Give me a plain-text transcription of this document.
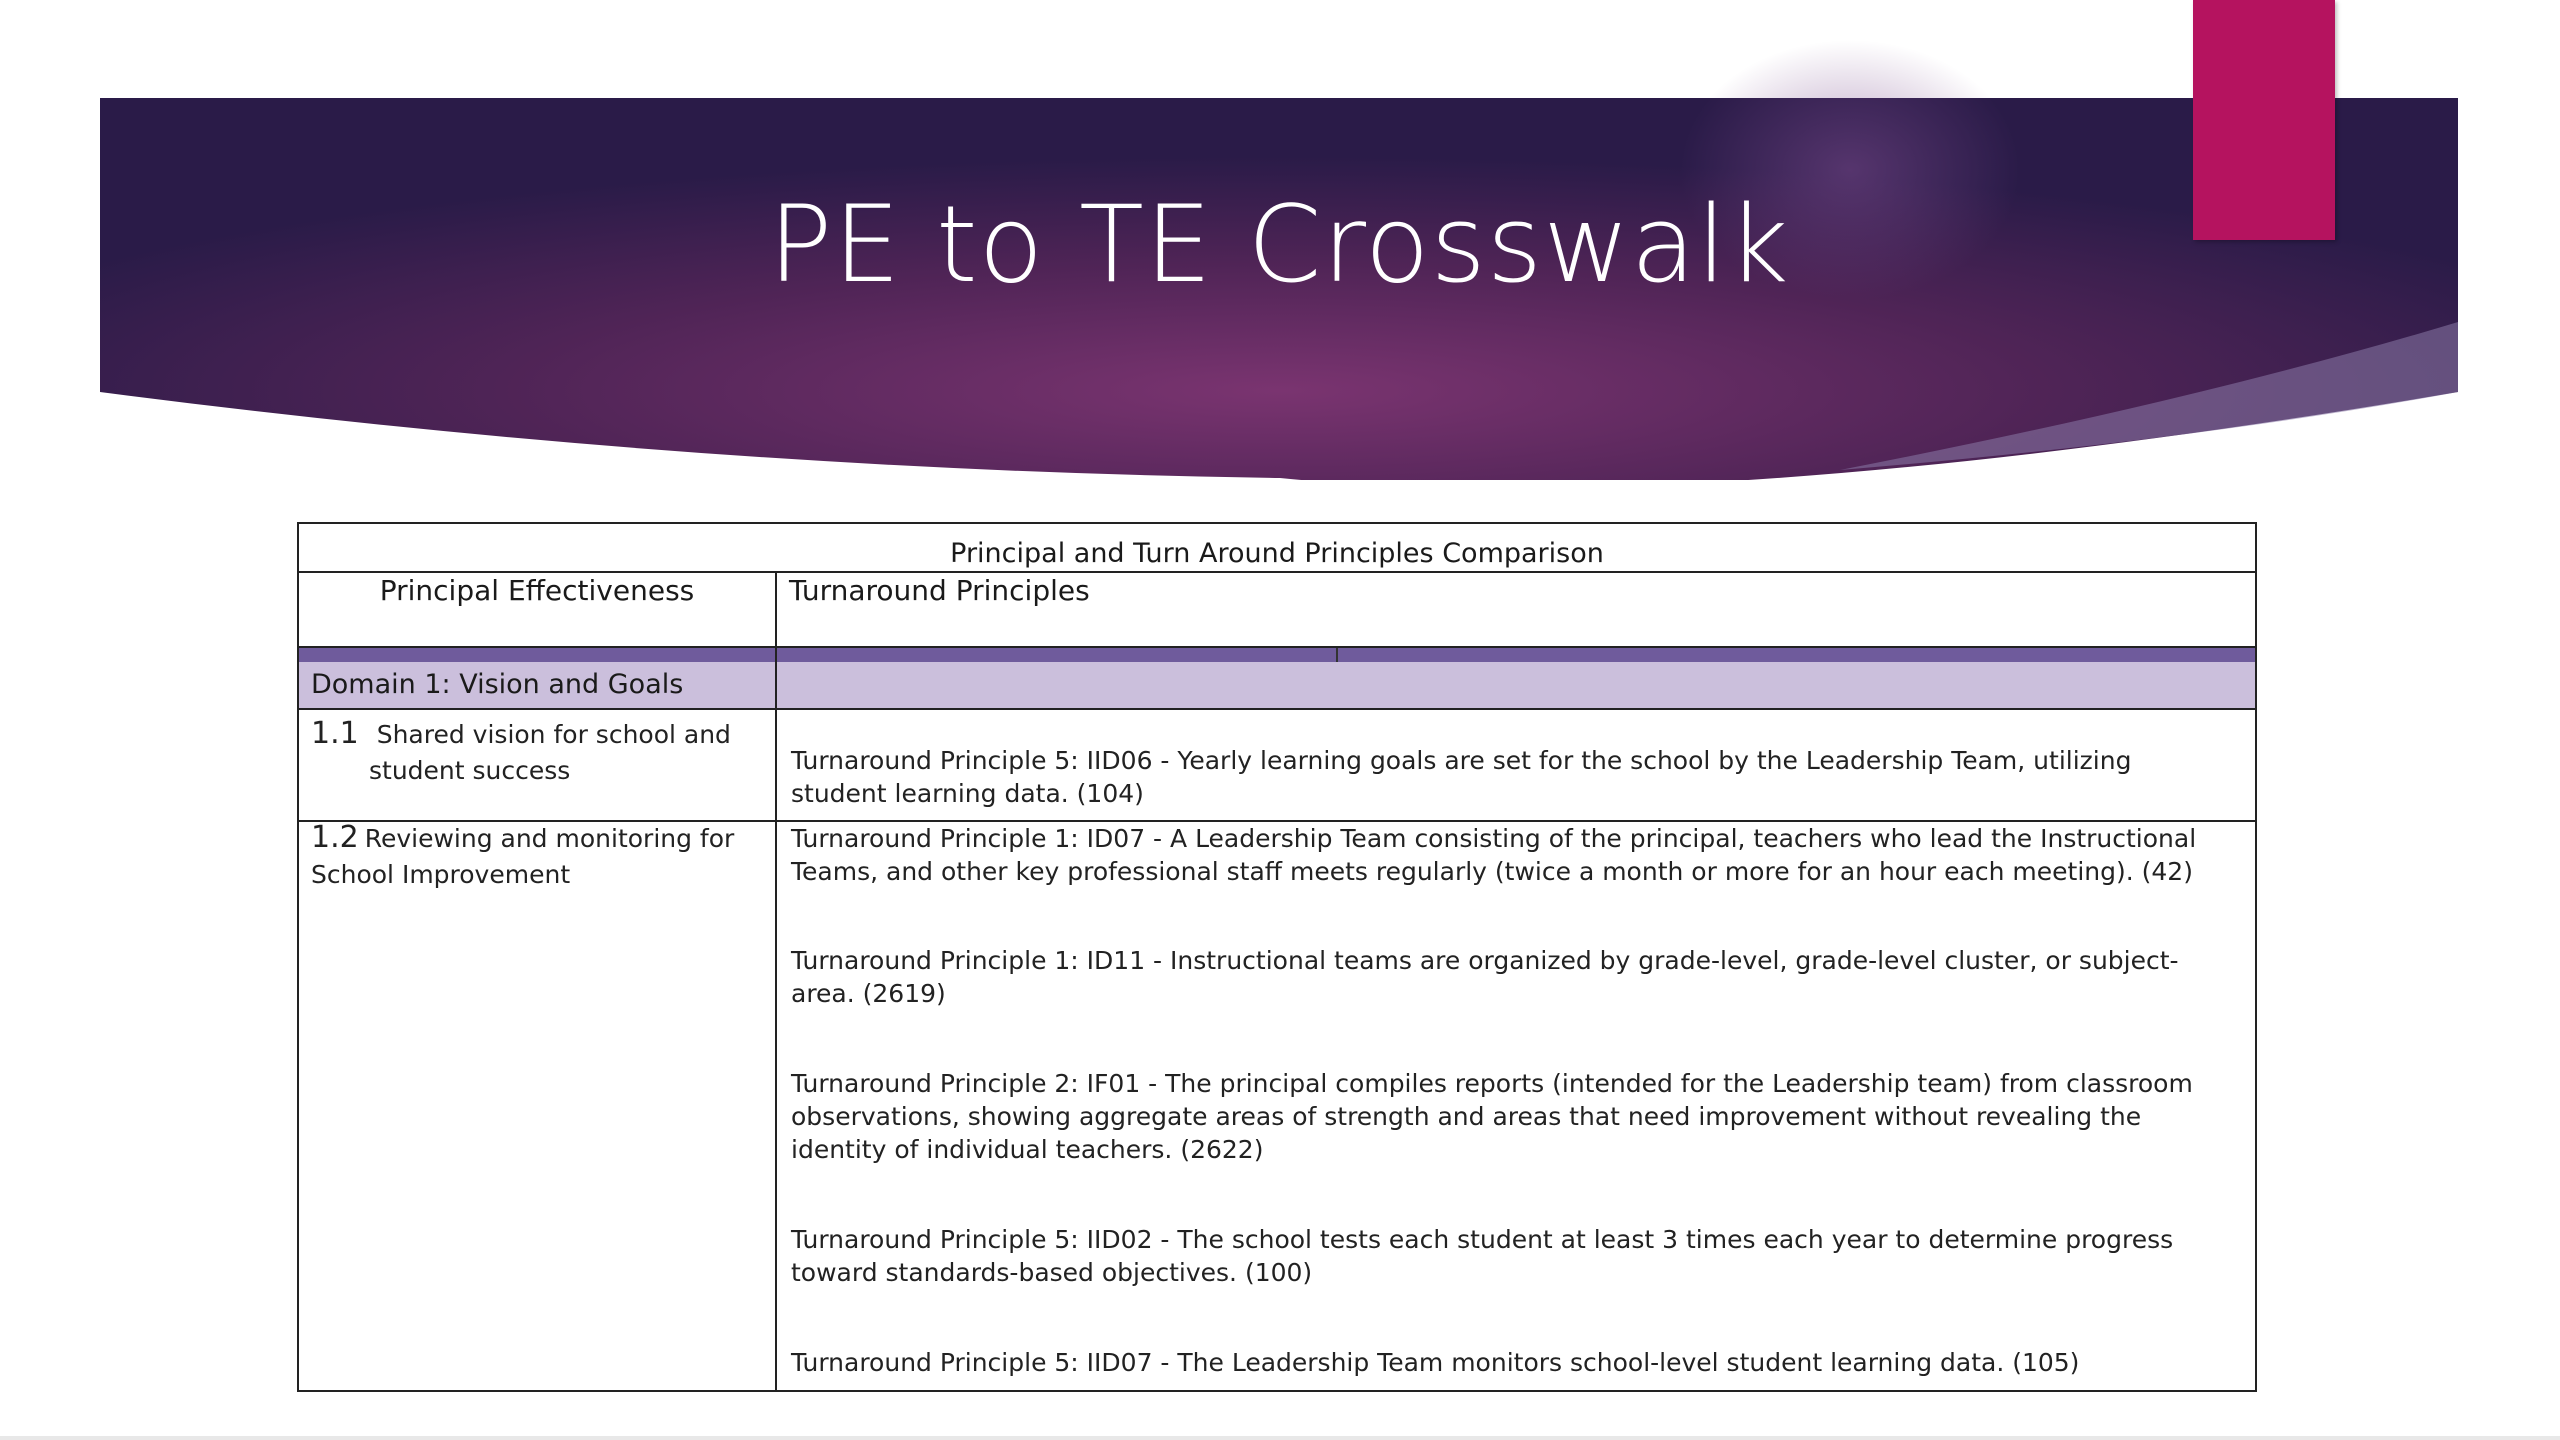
PE to TE Crosswalk
Principal and Turn Around Principles Comparison
Principal Effectiveness	Turnaround Principles
Domain 1: Vision and Goals
1.1 Shared vision for school and
student success	Turnaround Principle 5: IID06 - Yearly learning goals are set for the school by the Leadership Team, utilizing student learning data. (104)
1.2 Reviewing and monitoring for
School Improvement
Turnaround Principle 1: ID07 - A Leadership Team consisting of the principal, teachers who lead the Instructional Teams, and other key professional staff meets regularly (twice a month or more for an hour each meeting). (42)
Turnaround Principle 1: ID11 - Instructional teams are organized by grade-level, grade-level cluster, or subject-area. (2619)
Turnaround Principle 2: IF01 - The principal compiles reports (intended for the Leadership team) from classroom observations, showing aggregate areas of strength and areas that need improvement without revealing the identity of individual teachers. (2622)
Turnaround Principle 5: IID02 - The school tests each student at least 3 times each year to determine progress toward standards-based objectives. (100)
Turnaround Principle 5: IID07 - The Leadership Team monitors school-level student learning data. (105)
